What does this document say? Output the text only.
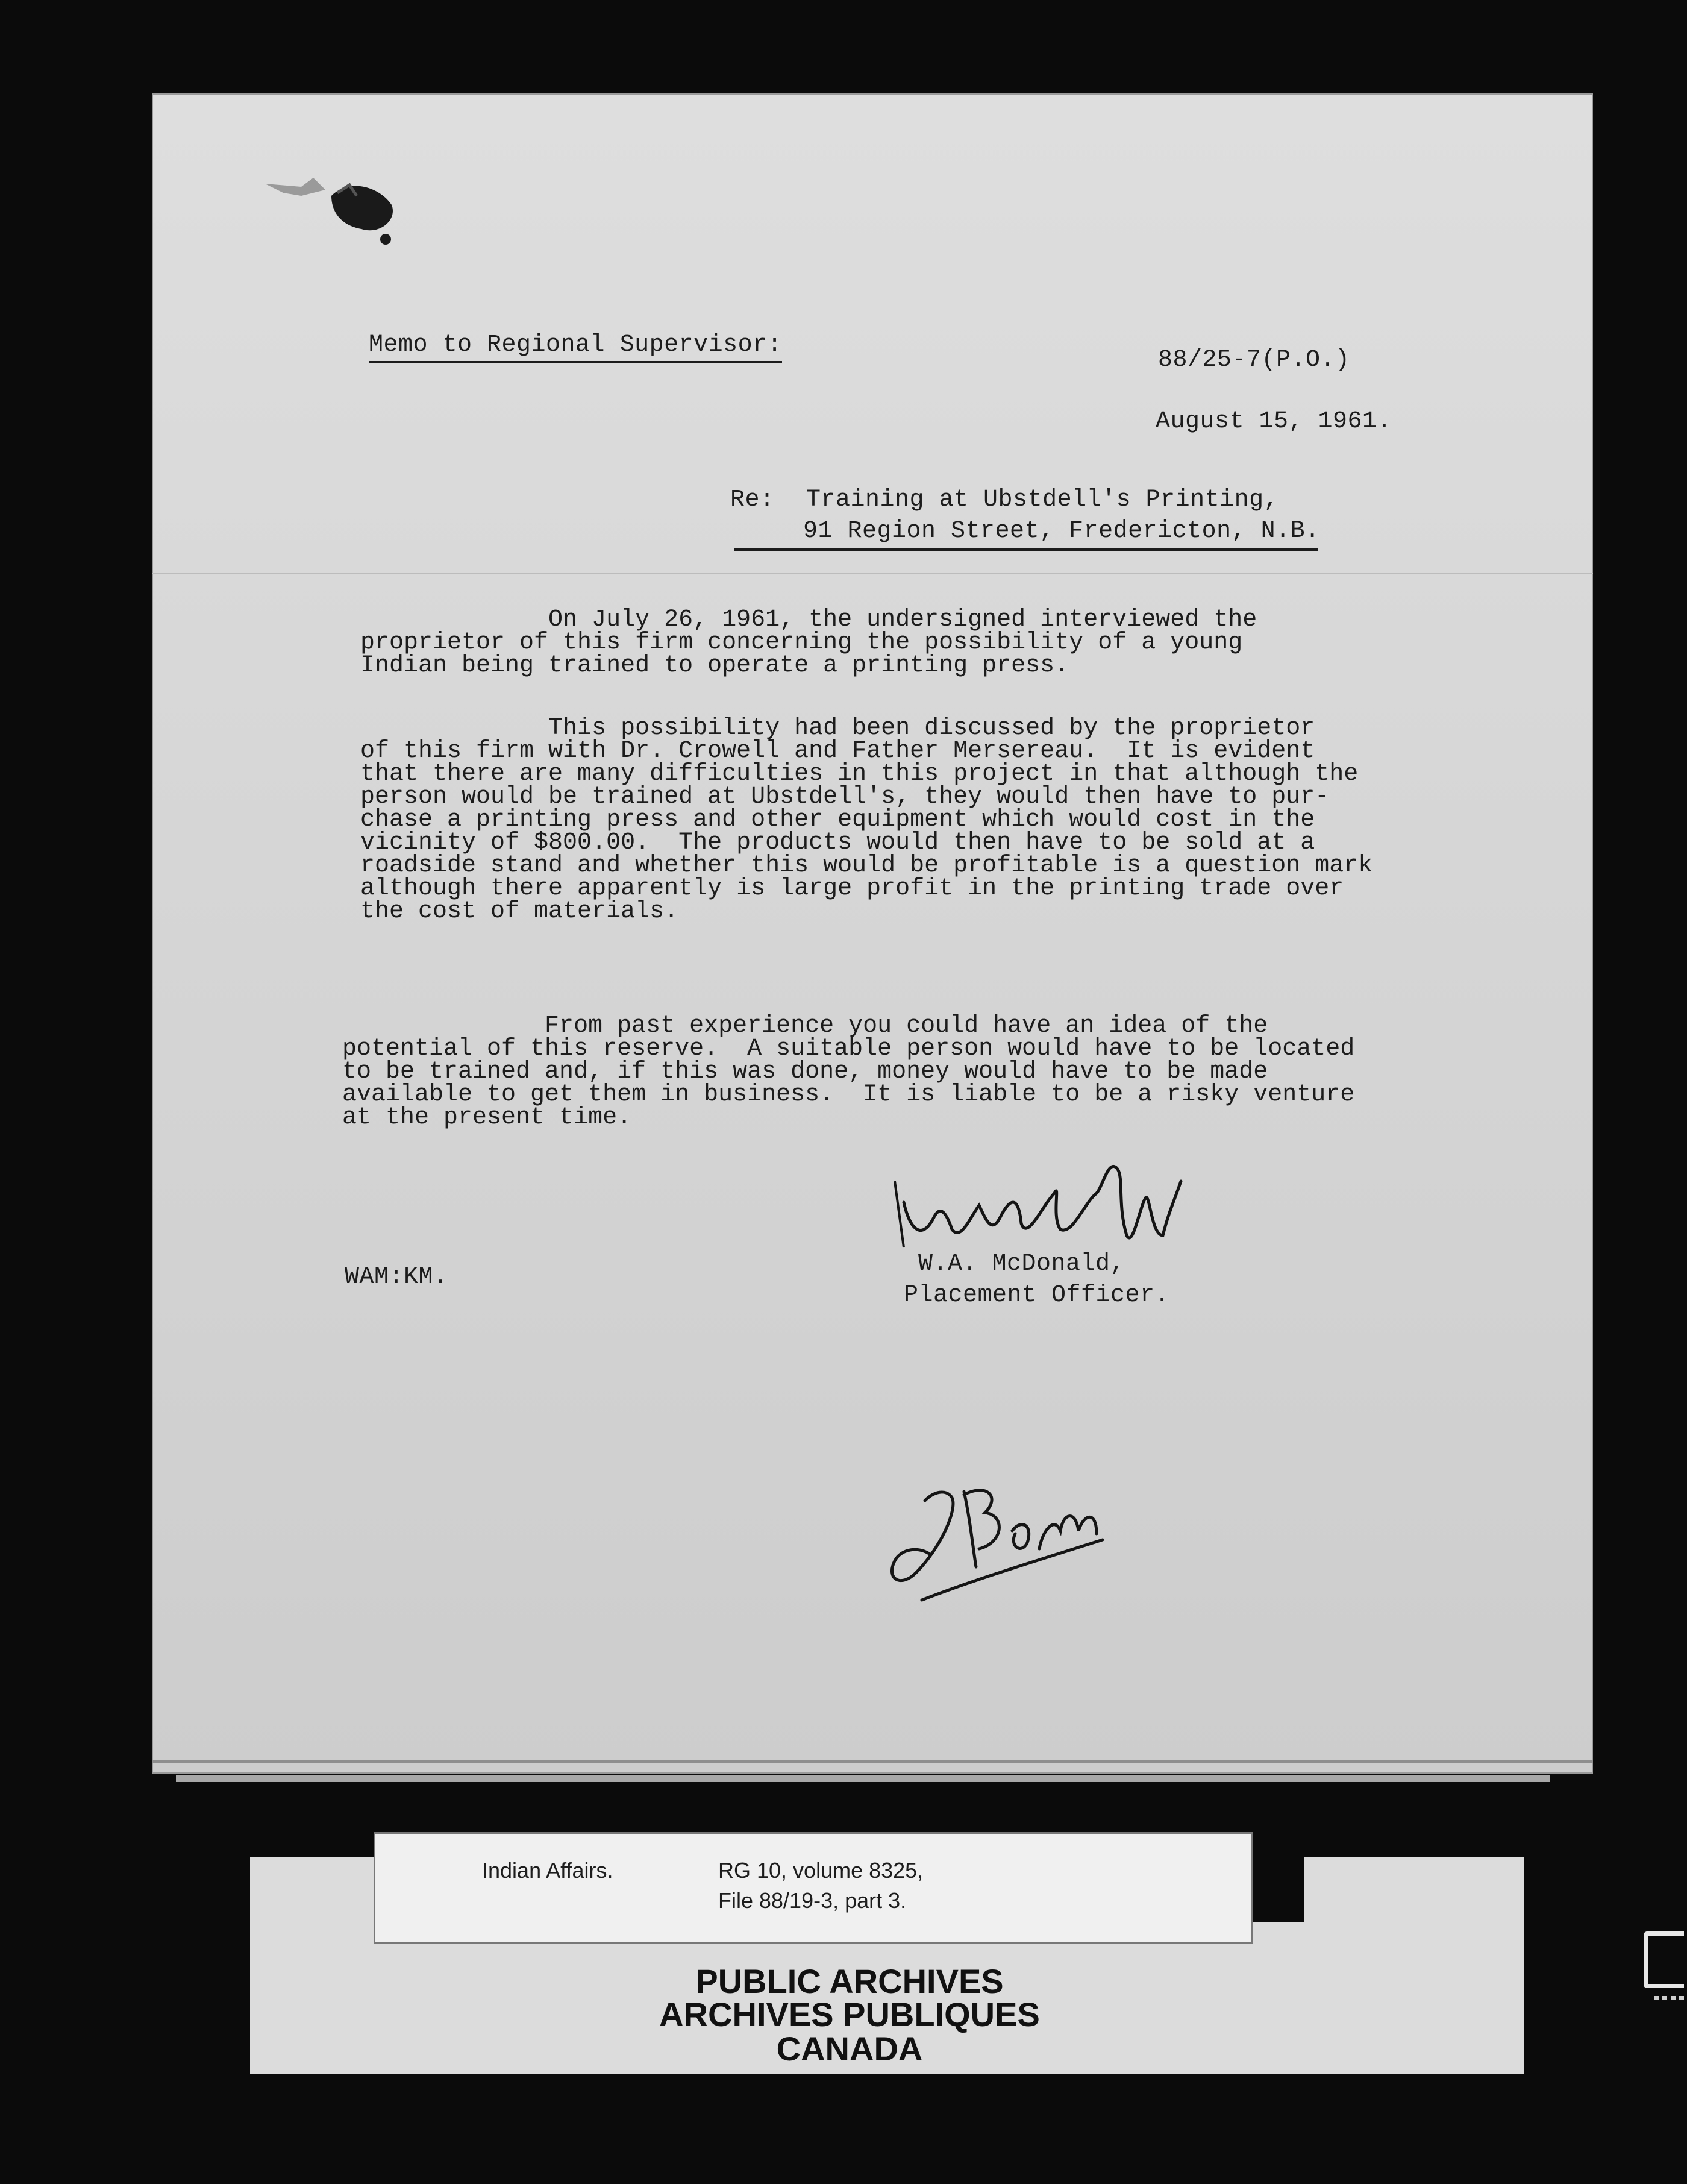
Memo to Regional Supervisor:
88/25-7(P.O.)
August 15, 1961.
Re: Training at Ubstdell's Printing,
91 Region Street, Fredericton, N.B.
On July 26, 1961, the undersigned interviewed the
proprietor of this firm concerning the possibility of a young
Indian being trained to operate a printing press.
This possibility had been discussed by the proprietor
of this firm with Dr. Crowell and Father Mersereau.  It is evident
that there are many difficulties in this project in that although the
person would be trained at Ubstdell's, they would then have to pur-
chase a printing press and other equipment which would cost in the
vicinity of $800.00.  The products would then have to be sold at a
roadside stand and whether this would be profitable is a question mark
although there apparently is large profit in the printing trade over
the cost of materials.
From past experience you could have an idea of the
potential of this reserve.  A suitable person would have to be located
to be trained and, if this was done, money would have to be made
available to get them in business.  It is liable to be a risky venture
at the present time.
W.A. McDonald,
Placement Officer.
WAM:KM.
Indian Affairs.	RG 10, volume 8325,
File 88/19-3, part 3.
PUBLIC ARCHIVES
ARCHIVES PUBLIQUES
CANADA
